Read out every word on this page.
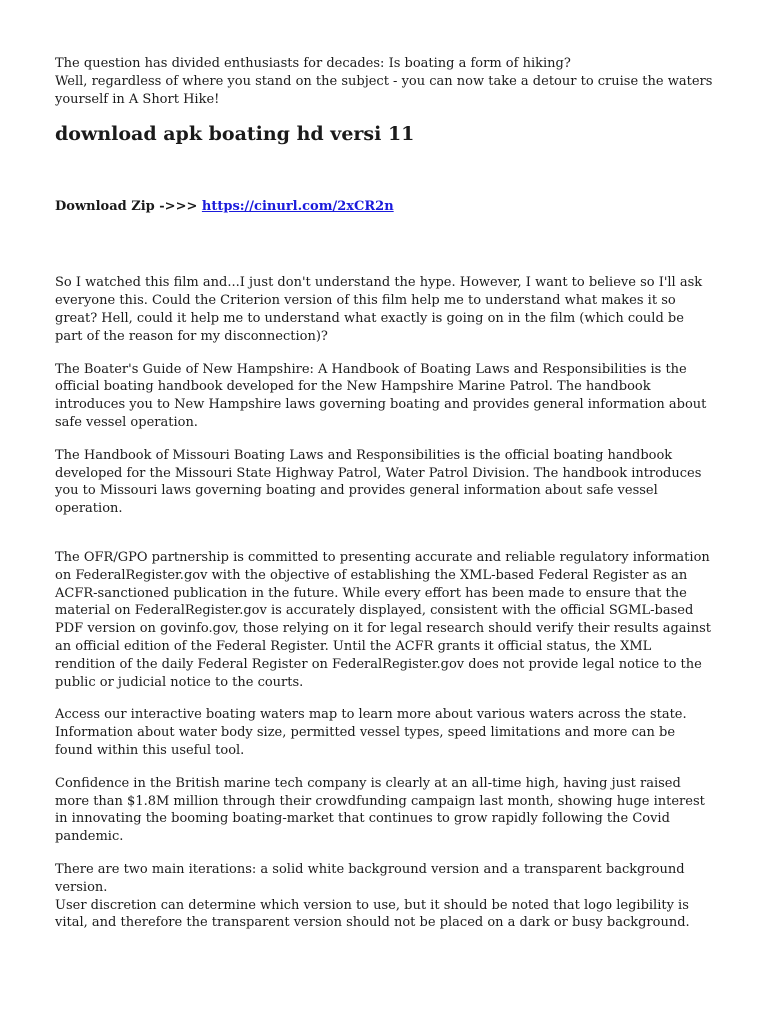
The question has divided enthusiasts for decades: Is boating a form of hiking?
Well, regardless of where you stand on the subject - you can now take a detour to cruise the waters yourself in A Short Hike!

download apk boating hd versi 11

Download Zip ->>> https://cinurl.com/2xCR2n

So I watched this film and...I just don't understand the hype. However, I want to believe so I'll ask everyone this. Could the Criterion version of this film help me to understand what makes it so great? Hell, could it help me to understand what exactly is going on in the film (which could be part of the reason for my disconnection)?

The Boater's Guide of New Hampshire: A Handbook of Boating Laws and Responsibilities is the official boating handbook developed for the New Hampshire Marine Patrol. The handbook introduces you to New Hampshire laws governing boating and provides general information about safe vessel operation.

The Handbook of Missouri Boating Laws and Responsibilities is the official boating handbook developed for the Missouri State Highway Patrol, Water Patrol Division. The handbook introduces you to Missouri laws governing boating and provides general information about safe vessel operation.

The OFR/GPO partnership is committed to presenting accurate and reliable regulatory information on FederalRegister.gov with the objective of establishing the XML-based Federal Register as an ACFR-sanctioned publication in the future. While every effort has been made to ensure that the material on FederalRegister.gov is accurately displayed, consistent with the official SGML-based PDF version on govinfo.gov, those relying on it for legal research should verify their results against an official edition of the Federal Register. Until the ACFR grants it official status, the XML rendition of the daily Federal Register on FederalRegister.gov does not provide legal notice to the public or judicial notice to the courts.

Access our interactive boating waters map to learn more about various waters across the state. Information about water body size, permitted vessel types, speed limitations and more can be found within this useful tool.

Confidence in the British marine tech company is clearly at an all-time high, having just raised more than $1.8M million through their crowdfunding campaign last month, showing huge interest in innovating the booming boating-market that continues to grow rapidly following the Covid pandemic.

There are two main iterations: a solid white background version and a transparent background version.
User discretion can determine which version to use, but it should be noted that logo legibility is vital, and therefore the transparent version should not be placed on a dark or busy background.
